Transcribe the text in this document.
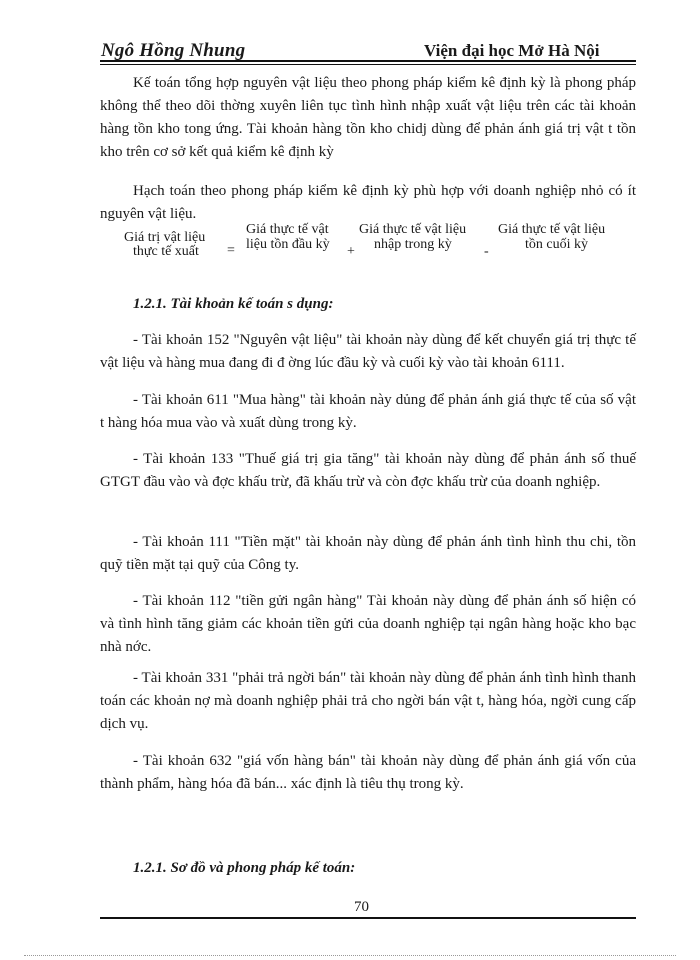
Ngô Hồng Nhung	Viện đại học Mở Hà Nội
Kế toán tổng hợp nguyên vật liệu theo phong pháp kiểm kê định kỳ là phong pháp không thể theo dõi thờng xuyên liên tục tình hình nhập xuất vật liệu trên các tài khoản hàng tồn kho tong ứng. Tài khoản hàng tồn kho chidj dùng để phản ánh giá trị vật t tồn kho trên cơ sở kết quả kiểm kê định kỳ
Hạch toán theo phong pháp kiểm kê định kỳ phù hợp với doanh nghiệp nhỏ có ít nguyên vật liệu.
Giá trị vật liệu
thực tế xuất =
Giá thực tế vật
liệu tồn đầu kỳ +
Giá thực tế vật liệu
nhập trong kỳ -
Giá thực tế vật liệu
tồn cuối kỳ
1.2.1. Tài khoản kế toán s dụng:
- Tài khoản 152 "Nguyên vật liệu" tài khoản này dùng để kết chuyển giá trị thực tế vật liệu và hàng mua đang đi đ ờng lúc đầu kỳ và cuối kỳ vào tài khoản 6111.
- Tài khoản 611 "Mua hàng" tài khoản này dủng để phản ánh giá thực tế của số vật t hàng hóa mua vào và xuất dùng trong kỳ.
- Tài khoản 133 "Thuế giá trị gia tăng" tài khoản này dùng để phản ánh số thuế GTGT đầu vào và đợc khấu trừ, đã khấu trừ và còn đợc khấu trừ của doanh nghiệp.
- Tài khoản 111 "Tiền mặt" tài khoản này dùng để phản ánh tình hình thu chi, tồn quỹ tiền mặt tại quỹ của Công ty.
- Tài khoản 112 "tiền gửi ngân hàng" Tài khoản này dùng để phản ánh số hiện có và tình hình tăng giảm các khoản tiền gửi của doanh nghiệp tại ngân hàng hoặc kho bạc nhà nớc.
- Tài khoản 331 "phải trả ngời bán" tài khoản này dùng để phản ánh tình hình thanh toán các khoản nợ mà doanh nghiệp phải trả cho ngời bán vật t, hàng hóa, ngời cung cấp dịch vụ.
- Tài khoản 632 "giá vốn hàng bán" tài khoản này dùng để phản ánh giá vốn của thành phẩm, hàng hóa đã bán... xác định là tiêu thụ trong kỳ.
1.2.1. Sơ đồ và phong pháp kế toán:
70
